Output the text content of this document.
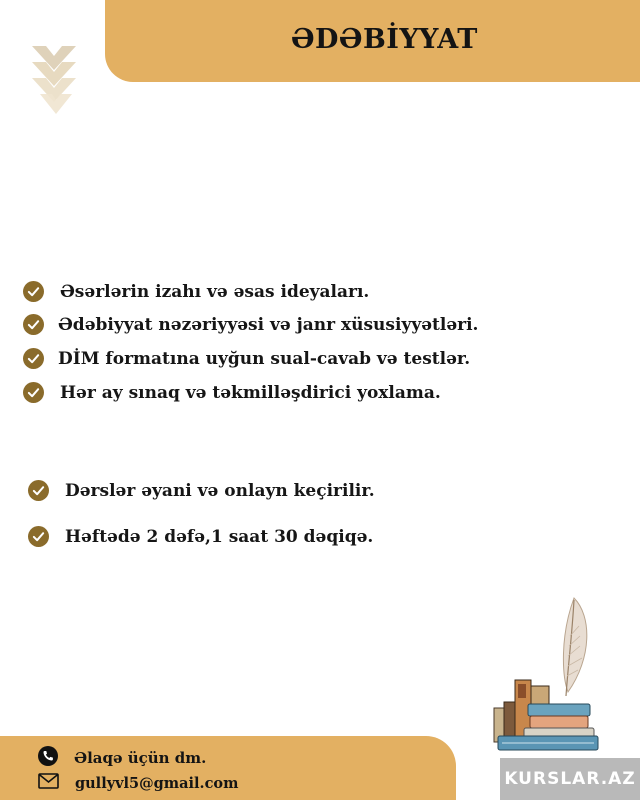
ƏDƏBİYYAT
Əsərlərin izahı və əsas ideyaları.
Ədəbiyyat nəzəriyyəsi və janr xüsusiyyətləri.
DİM formatına uyğun sual-cavab və testlər.
Hər ay sınaq və təkmilləşdirici yoxlama.
Dərslər əyani və onlayn keçirilir.
Həftədə 2 dəfə,1 saat 30 dəqiqə.
Əlaqə üçün dm.
gullyvl5@gmail.com	KURSLAR.AZ
